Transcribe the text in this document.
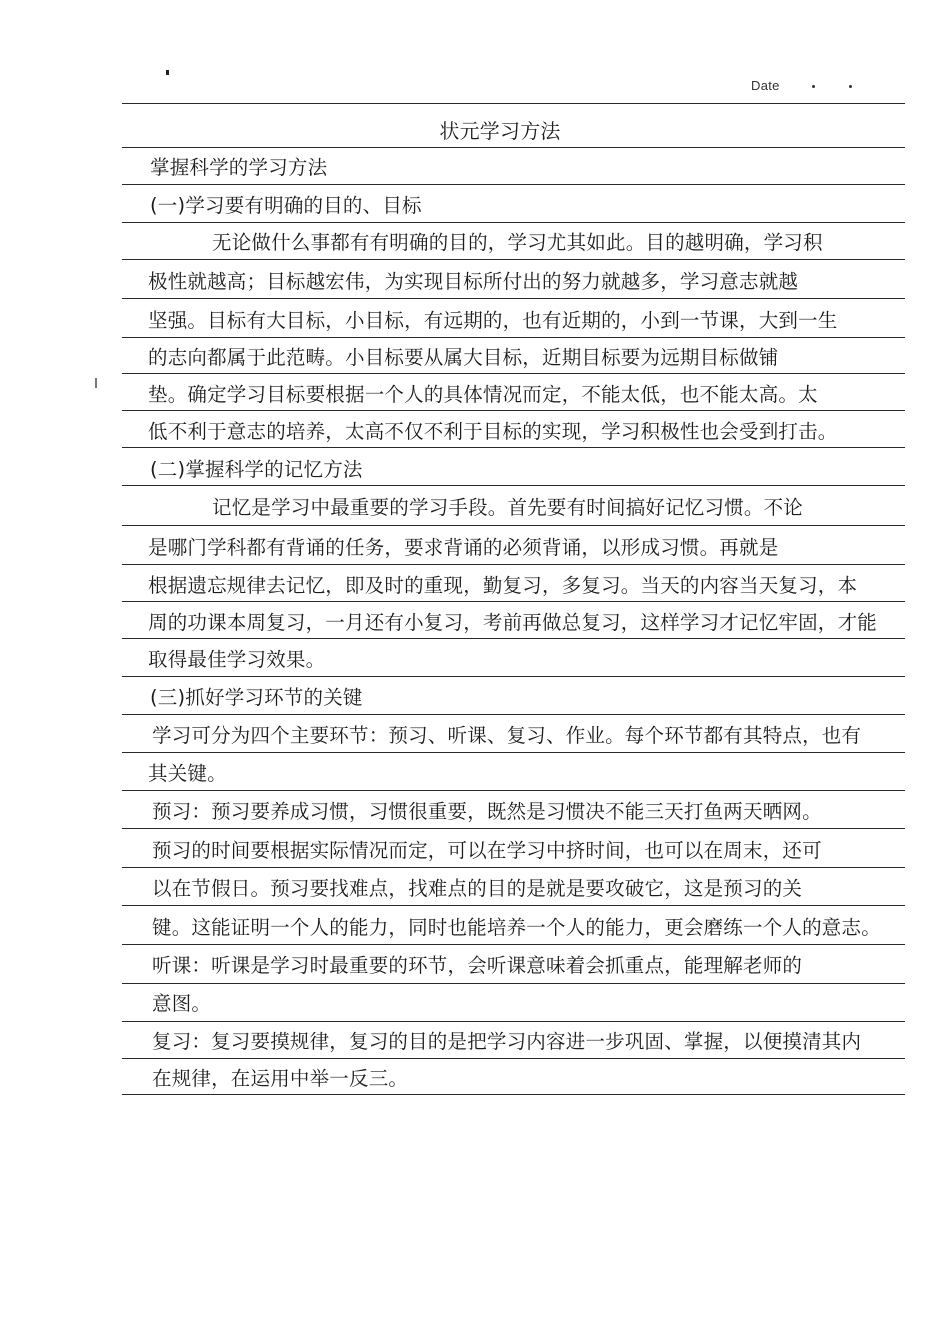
Date
状元学习方法
掌握科学的学习方法
(一)学习要有明确的目的、目标
无论做什么事都有有明确的目的，学习尤其如此。目的越明确，学习积
极性就越高；目标越宏伟，为实现目标所付出的努力就越多，学习意志就越
坚强。目标有大目标，小目标，有远期的，也有近期的，小到一节课，大到一生
的志向都属于此范畴。小目标要从属大目标，近期目标要为远期目标做铺
垫。确定学习目标要根据一个人的具体情况而定，不能太低，也不能太高。太
低不利于意志的培养，太高不仅不利于目标的实现，学习积极性也会受到打击。
(二)掌握科学的记忆方法
记忆是学习中最重要的学习手段。首先要有时间搞好记忆习惯。不论
是哪门学科都有背诵的任务，要求背诵的必须背诵，以形成习惯。再就是
根据遗忘规律去记忆，即及时的重现，勤复习，多复习。当天的内容当天复习，本
周的功课本周复习，一月还有小复习，考前再做总复习，这样学习才记忆牢固，才能
取得最佳学习效果。
(三)抓好学习环节的关键
学习可分为四个主要环节：预习、听课、复习、作业。每个环节都有其特点，也有
其关键。
预习：预习要养成习惯，习惯很重要，既然是习惯决不能三天打鱼两天晒网。
预习的时间要根据实际情况而定，可以在学习中挤时间，也可以在周末，还可
以在节假日。预习要找难点，找难点的目的是就是要攻破它，这是预习的关
键。这能证明一个人的能力，同时也能培养一个人的能力，更会磨练一个人的意志。
听课：听课是学习时最重要的环节，会听课意味着会抓重点，能理解老师的
意图。
复习：复习要摸规律，复习的目的是把学习内容进一步巩固、掌握，以便摸清其内
在规律，在运用中举一反三。
